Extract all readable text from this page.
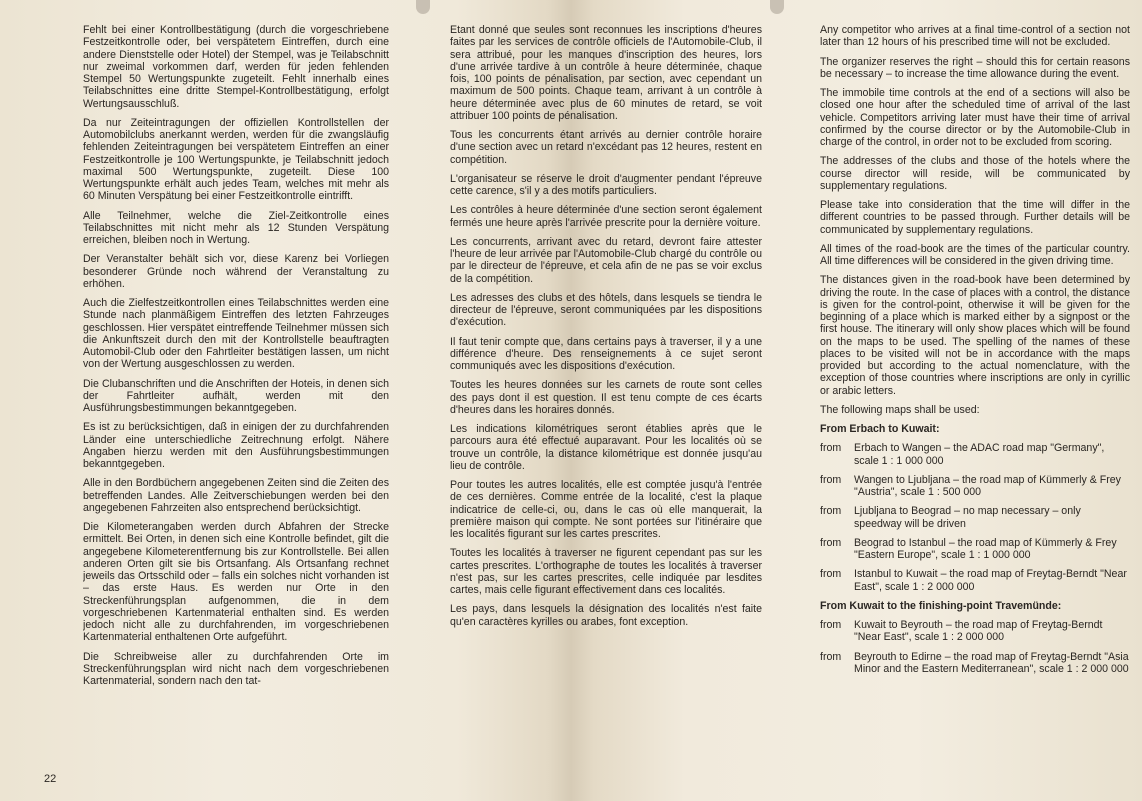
Fehlt bei einer Kontrollbestätigung (durch die vorgeschriebene Festzeitkontrolle oder, bei verspätetem Eintreffen, durch eine andere Dienststelle oder Hotel) der Stempel, was je Teilabschnitt nur zweimal vorkommen darf, werden für jeden fehlenden Stempel 50 Wertungspunkte zugeteilt. Fehlt innerhalb eines Teilabschnittes eine dritte Stempel-Kontrollbestätigung, erfolgt Wertungsausschluß.

Da nur Zeiteintragungen der offiziellen Kontrollstellen der Automobilclubs anerkannt werden, werden für die zwangsläufig fehlenden Zeiteintragungen bei verspätetem Eintreffen an einer Festzeitkontrolle je 100 Wertungspunkte, je Teilabschnitt jedoch maximal 500 Wertungspunkte, zugeteilt. Diese 100 Wertungspunkte erhält auch jedes Team, welches mit mehr als 60 Minuten Verspätung bei einer Festzeitkontrolle eintrifft.

Alle Teilnehmer, welche die Ziel-Zeitkontrolle eines Teilabschnittes mit nicht mehr als 12 Stunden Verspätung erreichen, bleiben noch in Wertung.

Der Veranstalter behält sich vor, diese Karenz bei Vorliegen besonderer Gründe noch während der Veranstaltung zu erhöhen.

Auch die Zielfestzeitkontrollen eines Teilabschnittes werden eine Stunde nach planmäßigem Eintreffen des letzten Fahrzeuges geschlossen. Hier verspätet eintreffende Teilnehmer müssen sich die Ankunftszeit durch den mit der Kontrollstelle beauftragten Automobil-Club oder den Fahrtleiter bestätigen lassen, um nicht von der Wertung ausgeschlossen zu werden.

Die Clubanschriften und die Anschriften der Hoteis, in denen sich der Fahrtleiter aufhält, werden mit den Ausführungsbestimmungen bekanntgegeben.

Es ist zu berücksichtigen, daß in einigen der zu durchfahrenden Länder eine unterschiedliche Zeitrechnung erfolgt. Nähere Angaben hierzu werden mit den Ausführungsbestimmungen bekanntgegeben.

Alle in den Bordbüchern angegebenen Zeiten sind die Zeiten des betreffenden Landes. Alle Zeitverschiebungen werden bei den angegebenen Fahrzeiten also entsprechend berücksichtigt.

Die Kilometerangaben werden durch Abfahren der Strecke ermittelt. Bei Orten, in denen sich eine Kontrolle befindet, gilt die angegebene Kilometerentfernung bis zur Kontrollstelle. Bei allen anderen Orten gilt sie bis Ortsanfang. Als Ortsanfang rechnet jeweils das Ortsschild oder – falls ein solches nicht vorhanden ist – das erste Haus. Es werden nur Orte in den Streckenführungsplan aufgenommen, die in dem vorgeschriebenen Kartenmaterial enthalten sind. Es werden jedoch nicht alle zu durchfahrenden, im vorgeschriebenen Kartenmaterial enthaltenen Orte aufgeführt.

Die Schreibweise aller zu durchfahrenden Orte im Streckenführungsplan wird nicht nach dem vorgeschriebenen Kartenmaterial, sondern nach den tat-

Etant donné que seules sont reconnues les inscriptions d'heures faites par les services de contrôle officiels de l'Automobile-Club, il sera attribué, pour les manques d'inscription des heures, lors d'une arrivée tardive à un contrôle à heure déterminée, chaque fois, 100 points de pénalisation, par section, avec cependant un maximum de 500 points. Chaque team, arrivant à un contrôle à heure déterminée avec plus de 60 minutes de retard, se voit attribuer 100 points de pénalisation.

Tous les concurrents étant arrivés au dernier contrôle horaire d'une section avec un retard n'excédant pas 12 heures, restent en compétition.

L'organisateur se réserve le droit d'augmenter pendant l'épreuve cette carence, s'il y a des motifs particuliers.

Les contrôles à heure déterminée d'une section seront également fermés une heure après l'arrivée prescrite pour la dernière voiture.

Les concurrents, arrivant avec du retard, devront faire attester l'heure de leur arrivée par l'Automobile-Club chargé du contrôle ou par le directeur de l'épreuve, et cela afin de ne pas se voir exclus de la compétition.

Les adresses des clubs et des hôtels, dans lesquels se tiendra le directeur de l'épreuve, seront communiquées par les dispositions d'exécution.

Il faut tenir compte que, dans certains pays à traverser, il y a une différence d'heure. Des renseignements à ce sujet seront communiqués avec les dispositions d'exécution.

Toutes les heures données sur les carnets de route sont celles des pays dont il est question. Il est tenu compte de ces écarts d'heures dans les horaires donnés.

Les indications kilométriques seront établies après que le parcours aura été effectué auparavant. Pour les localités où se trouve un contrôle, la distance kilométrique est donnée jusqu'au lieu de contrôle.

Pour toutes les autres localités, elle est comptée jusqu'à l'entrée de ces dernières. Comme entrée de la localité, c'est la plaque indicatrice de celle-ci, ou, dans le cas où elle manquerait, la première maison qui compte. Ne sont portées sur l'itinéraire que les localités figurant sur les cartes prescrites.

Toutes les localités à traverser ne figurent cependant pas sur les cartes prescrites. L'orthographe de toutes les localités à traverser n'est pas, sur les cartes prescrites, celle indiquée par lesdites cartes, mais celle figurant effectivement dans ces localités.

Les pays, dans lesquels la désignation des localités n'est faite qu'en caractères kyrilles ou arabes, font exception.

Any competitor who arrives at a final time-control of a section not later than 12 hours of his prescribed time will not be excluded.

The organizer reserves the right – should this for certain reasons be necessary – to increase the time allowance during the event.

The immobile time controls at the end of a sections will also be closed one hour after the scheduled time of arrival of the last vehicle. Competitors arriving later must have their time of arrival confirmed by the course director or by the Automobile-Club in charge of the control, in order not to be excluded from scoring.

The addresses of the clubs and those of the hotels where the course director will reside, will be communicated by supplementary regulations.

Please take into consideration that the time will differ in the different countries to be passed through. Further details will be communicated by supplementary regulations.

All times of the road-book are the times of the particular country. All time differences will be considered in the given driving time.

The distances given in the road-book have been determined by driving the route. In the case of places with a control, the distance is given for the control-point, otherwise it will be given for the beginning of a place which is marked either by a signpost or the first house. The itinerary will only show places which will be found on the maps to be used. The spelling of the names of these places to be visited will not be in accordance with the maps provided but according to the actual nomenclature, with the exception of those countries where inscriptions are only in cyrillic or arabic letters.

The following maps shall be used:

From Erbach to Kuwait:
from	Erbach to Wangen – the ADAC road map "Germany", scale 1 : 1 000 000
from	Wangen to Ljubljana – the road map of Kümmerly & Frey "Austria", scale 1 : 500 000
from	Ljubljana to Beograd – no map necessary – only speedway will be driven
from	Beograd to Istanbul – the road map of Kümmerly & Frey "Eastern Europe", scale 1 : 1 000 000
from	Istanbul to Kuwait – the road map of Freytag-Berndt "Near East", scale 1 : 2 000 000
From Kuwait to the finishing-point Travemünde:
from	Kuwait to Beyrouth – the road map of Freytag-Berndt "Near East", scale 1 : 2 000 000
from	Beyrouth to Edirne – the road map of Freytag-Berndt "Asia Minor and the Eastern Mediterranean", scale 1 : 2 000 000
22
